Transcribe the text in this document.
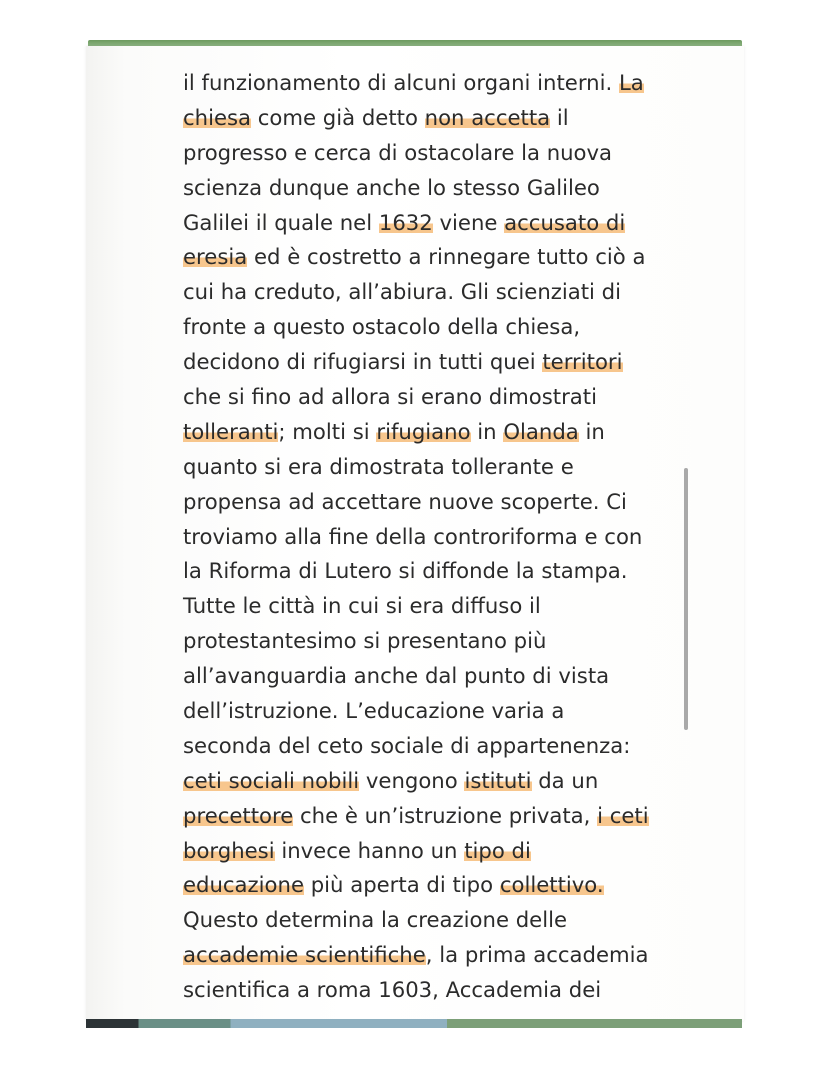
il funzionamento di alcuni organi interni. La
chiesa come già detto non accetta il
progresso e cerca di ostacolare la nuova
scienza dunque anche lo stesso Galileo
Galilei il quale nel 1632 viene accusato di
eresia ed è costretto a rinnegare tutto ciò a
cui ha creduto, all’abiura. Gli scienziati di
fronte a questo ostacolo della chiesa,
decidono di rifugiarsi in tutti quei territori
che si fino ad allora si erano dimostrati
tolleranti; molti si rifugiano in Olanda in
quanto si era dimostrata tollerante e
propensa ad accettare nuove scoperte. Ci
troviamo alla fine della controriforma e con
la Riforma di Lutero si diffonde la stampa.
Tutte le città in cui si era diffuso il
protestantesimo si presentano più
all’avanguardia anche dal punto di vista
dell’istruzione. L’educazione varia a
seconda del ceto sociale di appartenenza:
ceti sociali nobili vengono istituti da un
precettore che è un’istruzione privata, i ceti
borghesi invece hanno un tipo di
educazione più aperta di tipo collettivo.
Questo determina la creazione delle
accademie scientifiche, la prima accademia
scientifica a roma 1603, Accademia dei
